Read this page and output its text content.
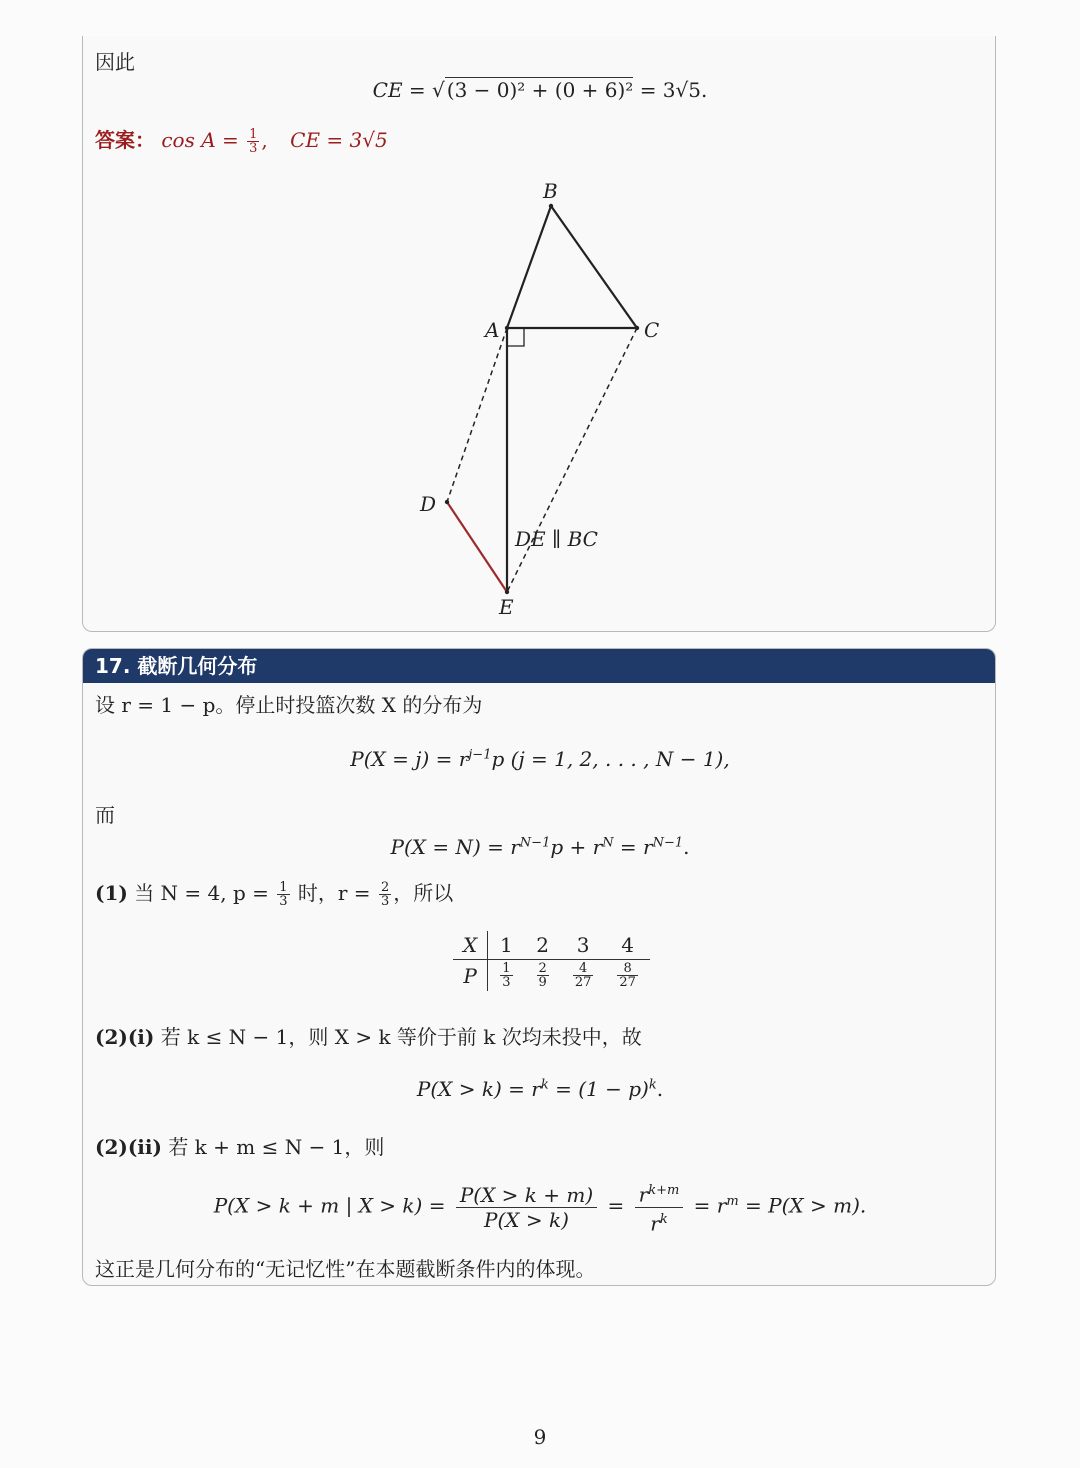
因此
CE = √ (3 − 0)² + (0 + 6)² = 3√5.
答案： $\cos A = \frac{1}{3}$ , CE = 3√5
B
A	C
D
E
DE ∥ BC
17. 截断几何分布
设 r = 1 − p。停止时投篮次数 X 的分布为
$P(X = j) = r^{j-1}p$ (j = 1, 2, . . . , N − 1),
而
$P(X = N) = r^{N-1}p + r^N = r^{N-1}$.
(1) 当 N = 4, $p = \frac{1}{3}$ 时，$r = \frac{2}{3}$ ，所以
X	1	2	3	4
P	$\frac{1}{3}$	$\frac{2}{9}$	$\frac{4}{27}$	$\frac{8}{27}$
(2)(i) 若 k ≤ N − 1，则 X > k 等价于前 k 次均未投中，故
$P(X > k) = r^k = (1 - p)^k$.
(2)(ii) 若 k + m ≤ N − 1，则
P(X > k + m | $X > k) = \frac{P(X > k + m)}{P(X > k)} = \frac{r^{k+m}}{r^k} = r^m = P(X > m)$.
这正是几何分布的“无记忆性”在本题截断条件内的体现。
9
